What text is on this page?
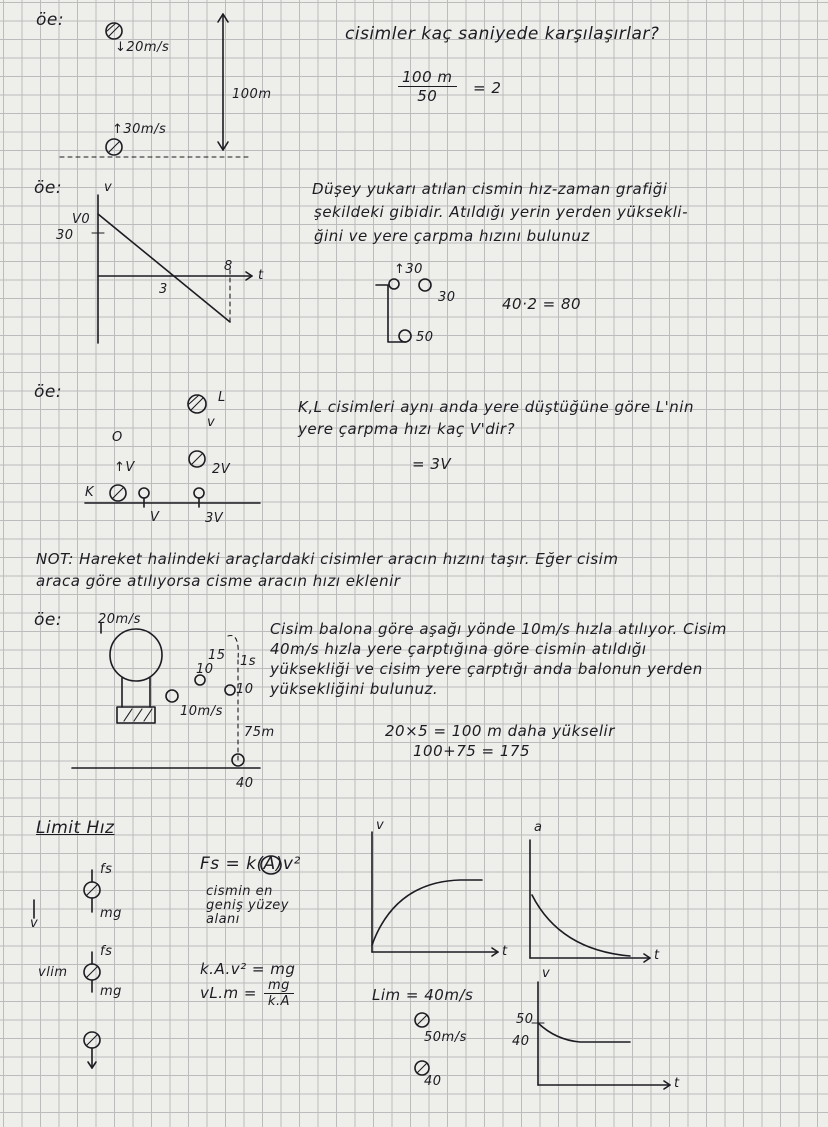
öe:
↓20m/s
↑30m/s
100m
cisimler kaç saniyede karşılaşırlar?
$\frac{100 m}{50} = 2$
öe:	v
V0
30
3
8
t
Düşey yukarı atılan cismin hız-zaman grafiği
şekildeki gibidir. Atıldığı yerin yerden yüksekli-
ğini ve yere çarpma hızını bulunuz
↑30
30
50
40·2 = 80
öe:	L
v
O
K
↑V
V
2V
3V
K,L cisimleri aynı anda yere düştüğüne göre L'nin
yere çarpma hızı kaç V'dir?
= 3V
NOT: Hareket halindeki araçlardaki cisimler aracın hızını taşır. Eğer cisim
araca göre atılıyorsa cisme aracın hızı eklenir
öe:	20m/s
15
10
1s
10
10m/s
75m
40
Cisim balona göre aşağı yönde 10m/s hızla atılıyor. Cisim
40m/s hızla yere çarptığına göre cismin atıldığı
yüksekliği ve cisim yere çarptığı anda balonun yerden
yüksekliğini bulunuz.
20×5 = 100 m daha yükselir
100+75 = 175
Limit Hız
fs
mg
v
fs
vlim
mg
Fs = k(A)v²
cismin en
geniş yüzey
alanı
k.A.v² = mg
$vL.m = \frac{mg}{k.A}$
v
t
a
t
v
50
40
t
Lim = 40m/s
50m/s
40
